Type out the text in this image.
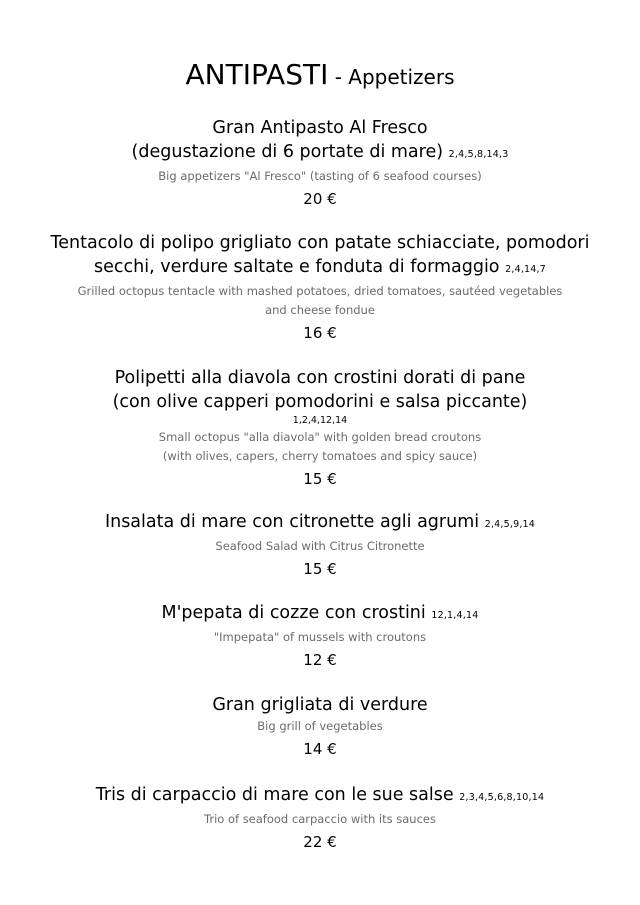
ANTIPASTI - Appetizers

Gran Antipasto Al Fresco

(degustazione di 6 portate di mare) 2,4,5,8,14,3

Big appetizers "Al Fresco" (tasting of 6 seafood courses)

20 €

Tentacolo di polipo grigliato con patate schiacciate, pomodori

secchi, verdure saltate e fonduta di formaggio 2,4,14,7

Grilled octopus tentacle with mashed potatoes, dried tomatoes, sautéed vegetables

and cheese fondue

16 €

Polipetti alla diavola con crostini dorati di pane

(con olive capperi pomodorini e salsa piccante)

1,2,4,12,14

Small octopus "alla diavola" with golden bread croutons

(with olives, capers, cherry tomatoes and spicy sauce)

15 €

Insalata di mare con citronette agli agrumi 2,4,5,9,14

Seafood Salad with Citrus Citronette

15 €

M'pepata di cozze con crostini 12,1,4,14

"Impepata" of mussels with croutons

12 €

Gran grigliata di verdure

Big grill of vegetables

14 €

Tris di carpaccio di mare con le sue salse 2,3,4,5,6,8,10,14

Trio of seafood carpaccio with its sauces

22 €
